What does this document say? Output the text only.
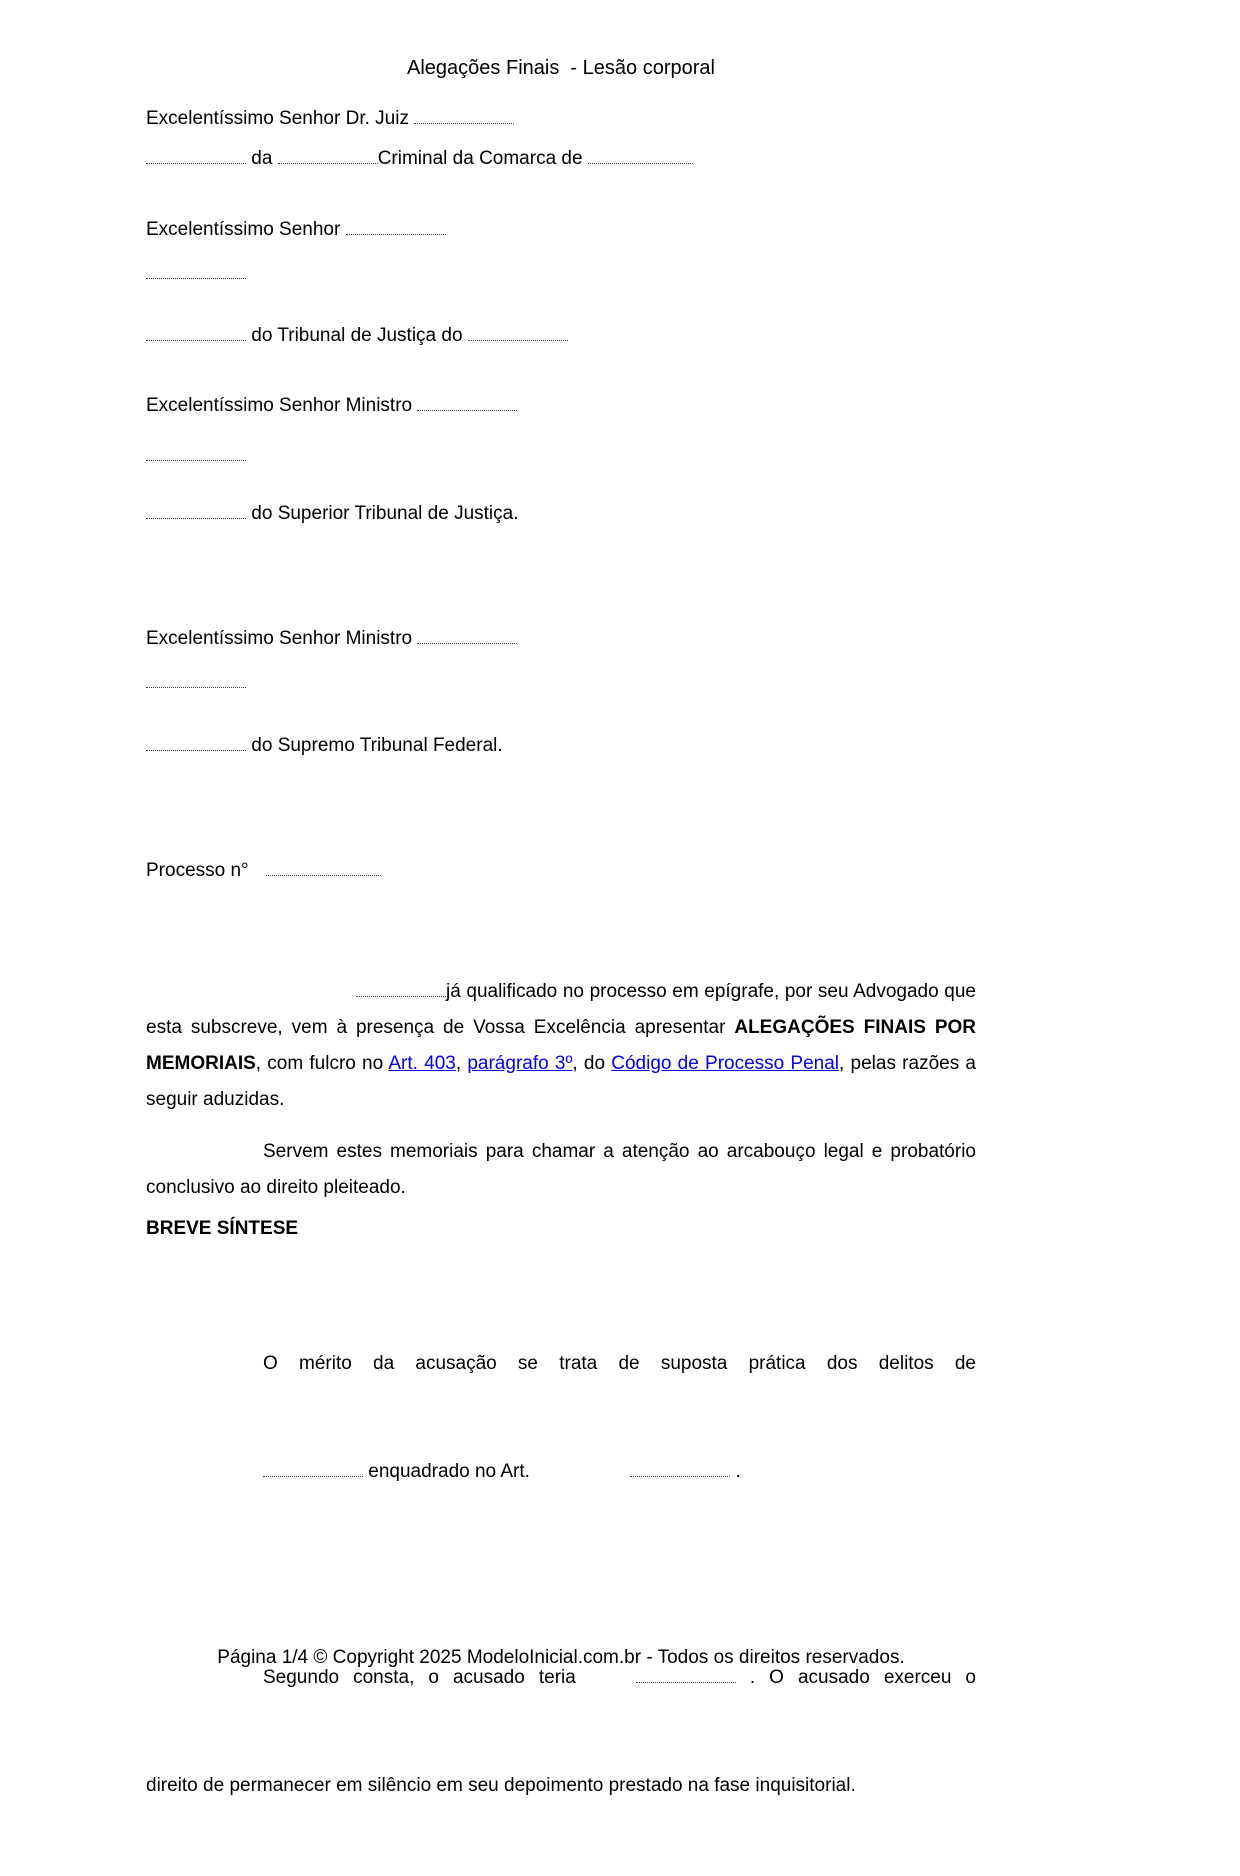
Alegações Finais  - Lesão corporal
Excelentíssimo Senhor Dr. Juiz
da	Criminal da Comarca de
Excelentíssimo Senhor
do Tribunal de Justiça do
Excelentíssimo Senhor Ministro
do Superior Tribunal de Justiça.
Excelentíssimo Senhor Ministro
do Supremo Tribunal Federal.
Processo n°

já qualificado no processo em epígrafe, por seu Advogado que esta subscreve, vem à presença de Vossa Excelência apresentar ALEGAÇÕES FINAIS POR MEMORIAIS, com fulcro no Art. 403, parágrafo 3º, do Código de Processo Penal, pelas razões a seguir aduzidas.

Servem estes memoriais para chamar a atenção ao arcabouço legal e probatório conclusivo ao direito pleiteado.

BREVE SÍNTESE

O mérito da acusação se trata de suposta prática dos delitos de

enquadrado no Art.	.

Segundo consta, o acusado teria	. O acusado exerceu o

direito de permanecer em silêncio em seu depoimento prestado na fase inquisitorial.

Página 1/4 © Copyright 2025 ModeloInicial.com.br - Todos os direitos reservados.
